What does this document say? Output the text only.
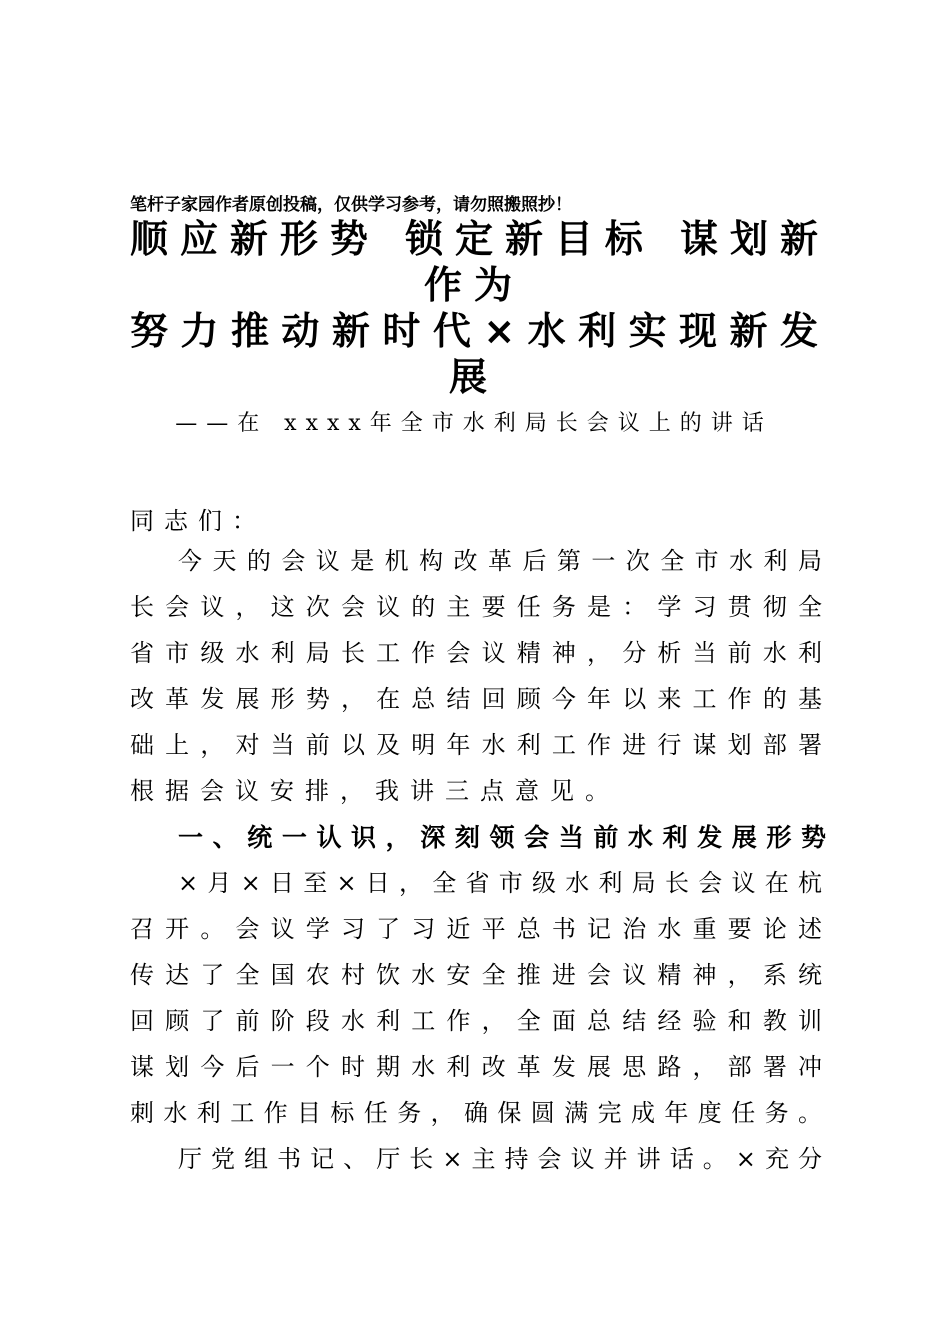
笔杆子家园作者原创投稿，仅供学习参考，请勿照搬照抄！
顺应新形势 锁定新目标 谋划新
作为
努力推动新时代×水利实现新发
展
——在 xxxx年全市水利局长会议上的讲话
同志们：
今天的会议是机构改革后第一次全市水利局
长会议，这次会议的主要任务是：学习贯彻全
省市级水利局长工作会议精神，分析当前水利
改革发展形势，在总结回顾今年以来工作的基
础上，对当前以及明年水利工作进行谋划部署
根据会议安排，我讲三点意见。
一、统一认识，深刻领会当前水利发展形势
×月×日至×日，全省市级水利局长会议在杭
召开。会议学习了习近平总书记治水重要论述
传达了全国农村饮水安全推进会议精神，系统
回顾了前阶段水利工作，全面总结经验和教训
谋划今后一个时期水利改革发展思路，部署冲
刺水利工作目标任务，确保圆满完成年度任务。
厅党组书记、厅长×主持会议并讲话。×充分
